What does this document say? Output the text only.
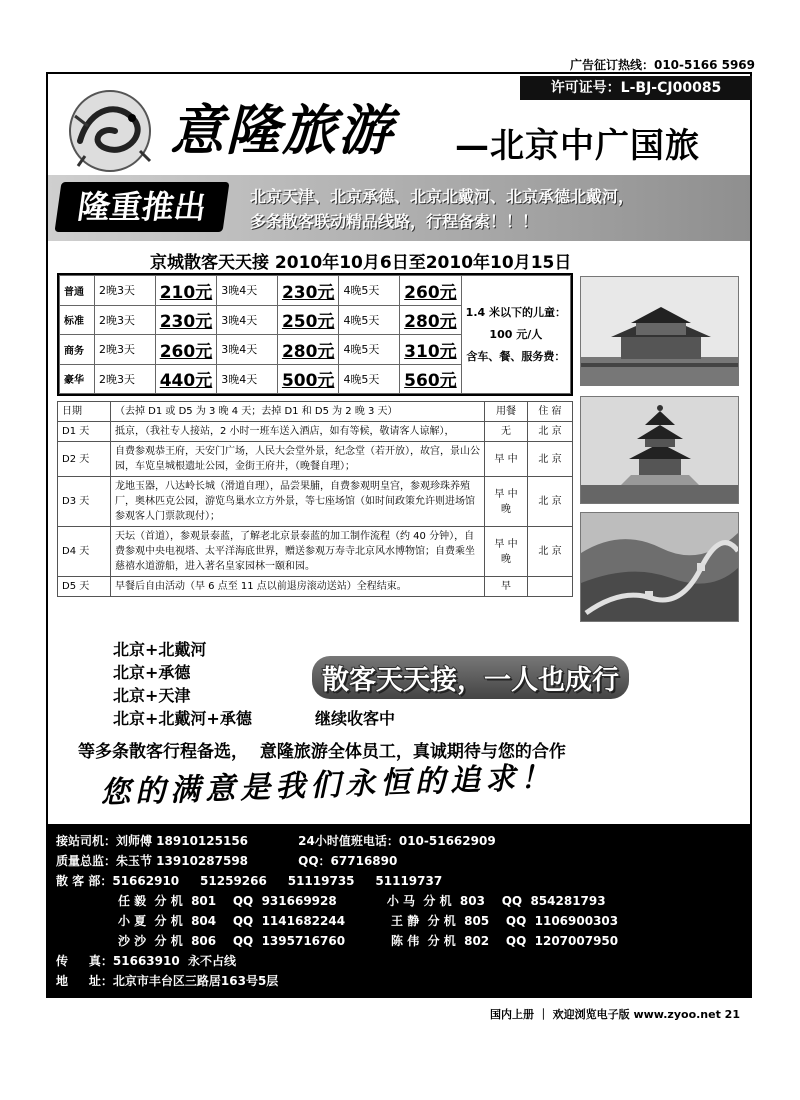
广告征订热线：010-5166 5969
许可证号：L-BJ-CJ00085
意隆旅游 —北京中广国旅
隆重推出	北京天津、北京承德、北京北戴河、北京承德北戴河，
多条散客联动精品线路，行程备索！！！
京城散客天天接 2010年10月6日至2010年10月15日
普通	2晚3天	210元	3晚4天	230元	4晚5天	260元	1.4 米以下的儿童：
100 元/人
含车、餐、服务费：

标准	2晚3天	230元	3晚4天	250元	4晚5天	280元	
商务	2晚3天	260元	3晚4天	280元	4晚5天	310元	
豪华	2晚3天	440元	3晚4天	500元	4晚5天	560元	
日期	（去掉 D1 或 D5 为 3 晚 4 天；去掉 D1 和 D5 为 2 晚 3 天）	用餐	住 宿
D1 天	抵京，（我社专人接站，2 小时一班车送入酒店，如有等候，敬请客人谅解），	无	北 京
D2 天	自费参观恭王府，天安门广场，人民大会堂外景，纪念堂（若开放），故宫，景山公园，车览皇城根遗址公园，金街王府井，（晚餐自理）；	早 中	北 京
D3 天	龙地玉器，八达岭长城（滑道自理），品尝果脯，自费参观明皇宫，参观珍珠养殖厂，奥林匹克公园，游览鸟巢水立方外景，等七座场馆（如时间政策允许则进场馆参观客人门票款现付）；	早 中 晚	北 京
D4 天	天坛（首道），参观景泰蓝，了解老北京景泰蓝的加工制作流程（约 40 分钟），自费参观中央电视塔、太平洋海底世界，赠送参观万寿寺北京风水博物馆；自费乘坐慈禧水道游船，进入著名皇家园林一颐和园。	早 中 晚	北 京
D5 天	早餐后自由活动（早 6 点至 11 点以前退房滚动送站）全程结束。	早	
北京+北戴河
北京+承德
北京+天津
北京+北戴河+承德
散客天天接，一人也成行
继续收客中
等多条散客行程备选， 意隆旅游全体员工，真诚期待与您的合作
您的满意是我们永恒的追求！
接站司机：刘师傅 18910125156            24小时值班电话：010-51662909
质量总监：朱玉节 13910287598            QQ：67716890
散 客 部：51662910     51259266     51119735     51119737
任 毅  分 机  801    QQ  931669928            小 马  分 机  803    QQ  854281793
小 夏  分 机  804    QQ  1141682244           王 静  分 机  805    QQ  1106900303
沙 沙  分 机  806    QQ  1395716760           陈 伟  分 机  802    QQ  1207007950
传     真：51663910  永不占线
地     址：北京市丰台区三路居163号5层
国内上册 ｜ 欢迎浏览电子版 www.zyoo.net 21
